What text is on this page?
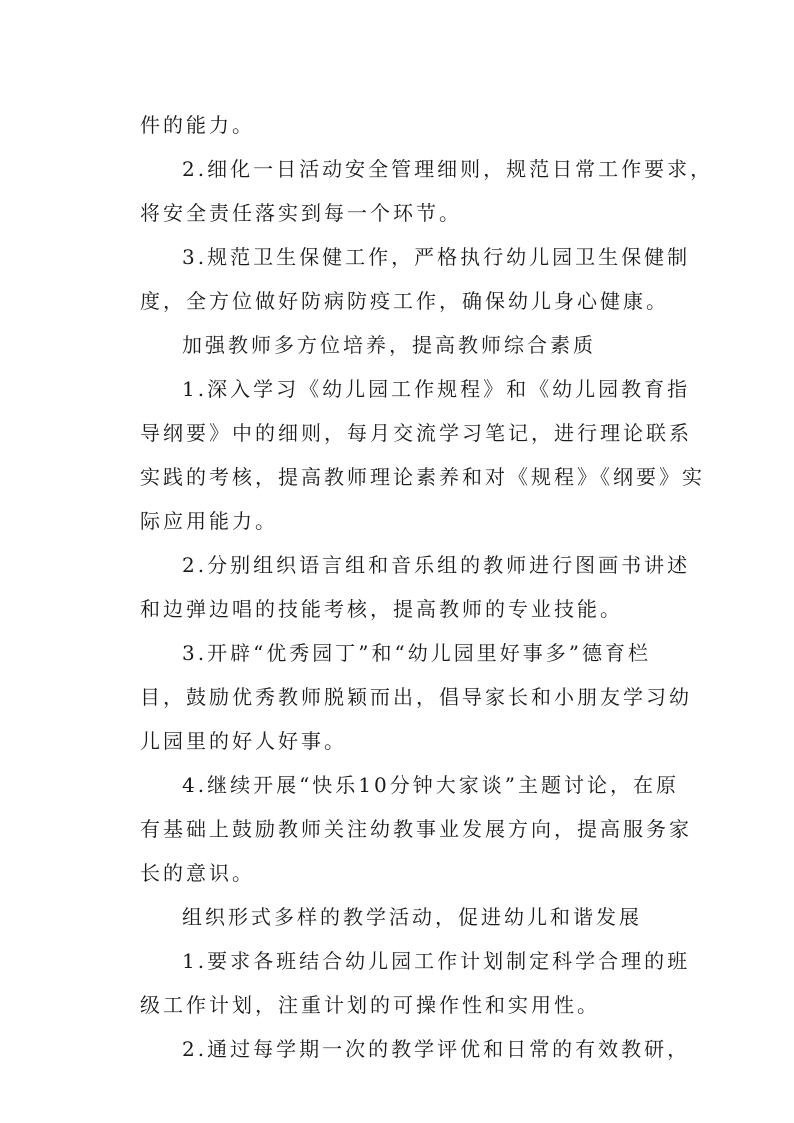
件的能力。
2.细化一日活动安全管理细则，规范日常工作要求，
将安全责任落实到每一个环节。
3.规范卫生保健工作，严格执行幼儿园卫生保健制
度，全方位做好防病防疫工作，确保幼儿身心健康。
加强教师多方位培养，提高教师综合素质
1.深入学习《幼儿园工作规程》和《幼儿园教育指
导纲要》中的细则，每月交流学习笔记，进行理论联系
实践的考核，提高教师理论素养和对《规程》《纲要》实
际应用能力。
2.分别组织语言组和音乐组的教师进行图画书讲述
和边弹边唱的技能考核，提高教师的专业技能。
3.开辟“优秀园丁”和“幼儿园里好事多”德育栏
目，鼓励优秀教师脱颖而出，倡导家长和小朋友学习幼
儿园里的好人好事。
4.继续开展“快乐10分钟大家谈”主题讨论，在原
有基础上鼓励教师关注幼教事业发展方向，提高服务家
长的意识。
组织形式多样的教学活动，促进幼儿和谐发展
1.要求各班结合幼儿园工作计划制定科学合理的班
级工作计划，注重计划的可操作性和实用性。
2.通过每学期一次的教学评优和日常的有效教研，
